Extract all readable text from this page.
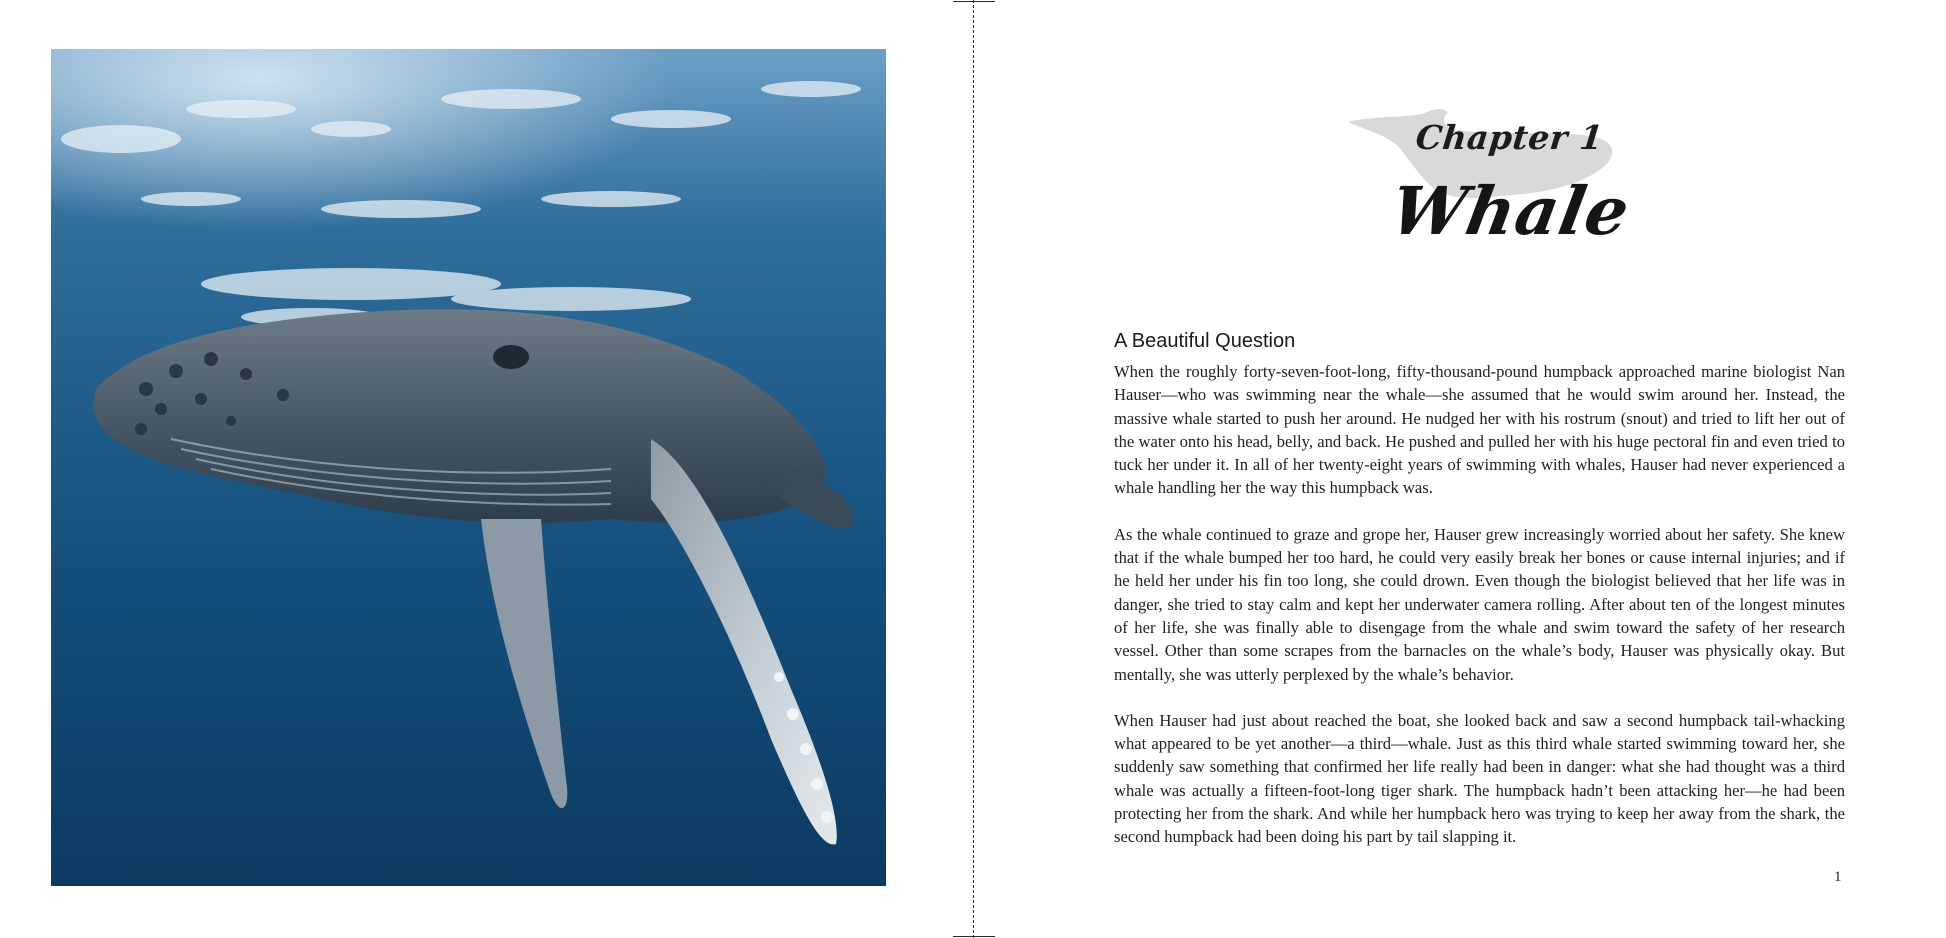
Chapter 1
Whale
A Beautiful Question

When the roughly forty-seven-foot-long, fifty-thousand-pound humpback approached marine biologist Nan Hauser—who was swimming near the whale—she assumed that he would swim around her. Instead, the massive whale started to push her around. He nudged her with his rostrum (snout) and tried to lift her out of the water onto his head, belly, and back. He pushed and pulled her with his huge pectoral fin and even tried to tuck her under it. In all of her twenty-eight years of swimming with whales, Hauser had never experienced a whale handling her the way this humpback was.

As the whale continued to graze and grope her, Hauser grew increasingly worried about her safety. She knew that if the whale bumped her too hard, he could very easily break her bones or cause internal injuries; and if he held her under his fin too long, she could drown. Even though the biologist believed that her life was in danger, she tried to stay calm and kept her underwater camera rolling. After about ten of the longest minutes of her life, she was finally able to disengage from the whale and swim toward the safety of her research vessel. Other than some scrapes from the barnacles on the whale’s body, Hauser was physically okay. But mentally, she was utterly perplexed by the whale’s behavior.

When Hauser had just about reached the boat, she looked back and saw a second humpback tail-whacking what appeared to be yet another—a third—whale. Just as this third whale started swimming toward her, she suddenly saw something that confirmed her life really had been in danger: what she had thought was a third whale was actually a fifteen-foot-long tiger shark. The humpback hadn’t been attacking her—he had been protecting her from the shark. And while her humpback hero was trying to keep her away from the shark, the second humpback had been doing his part by tail slapping it.

1
